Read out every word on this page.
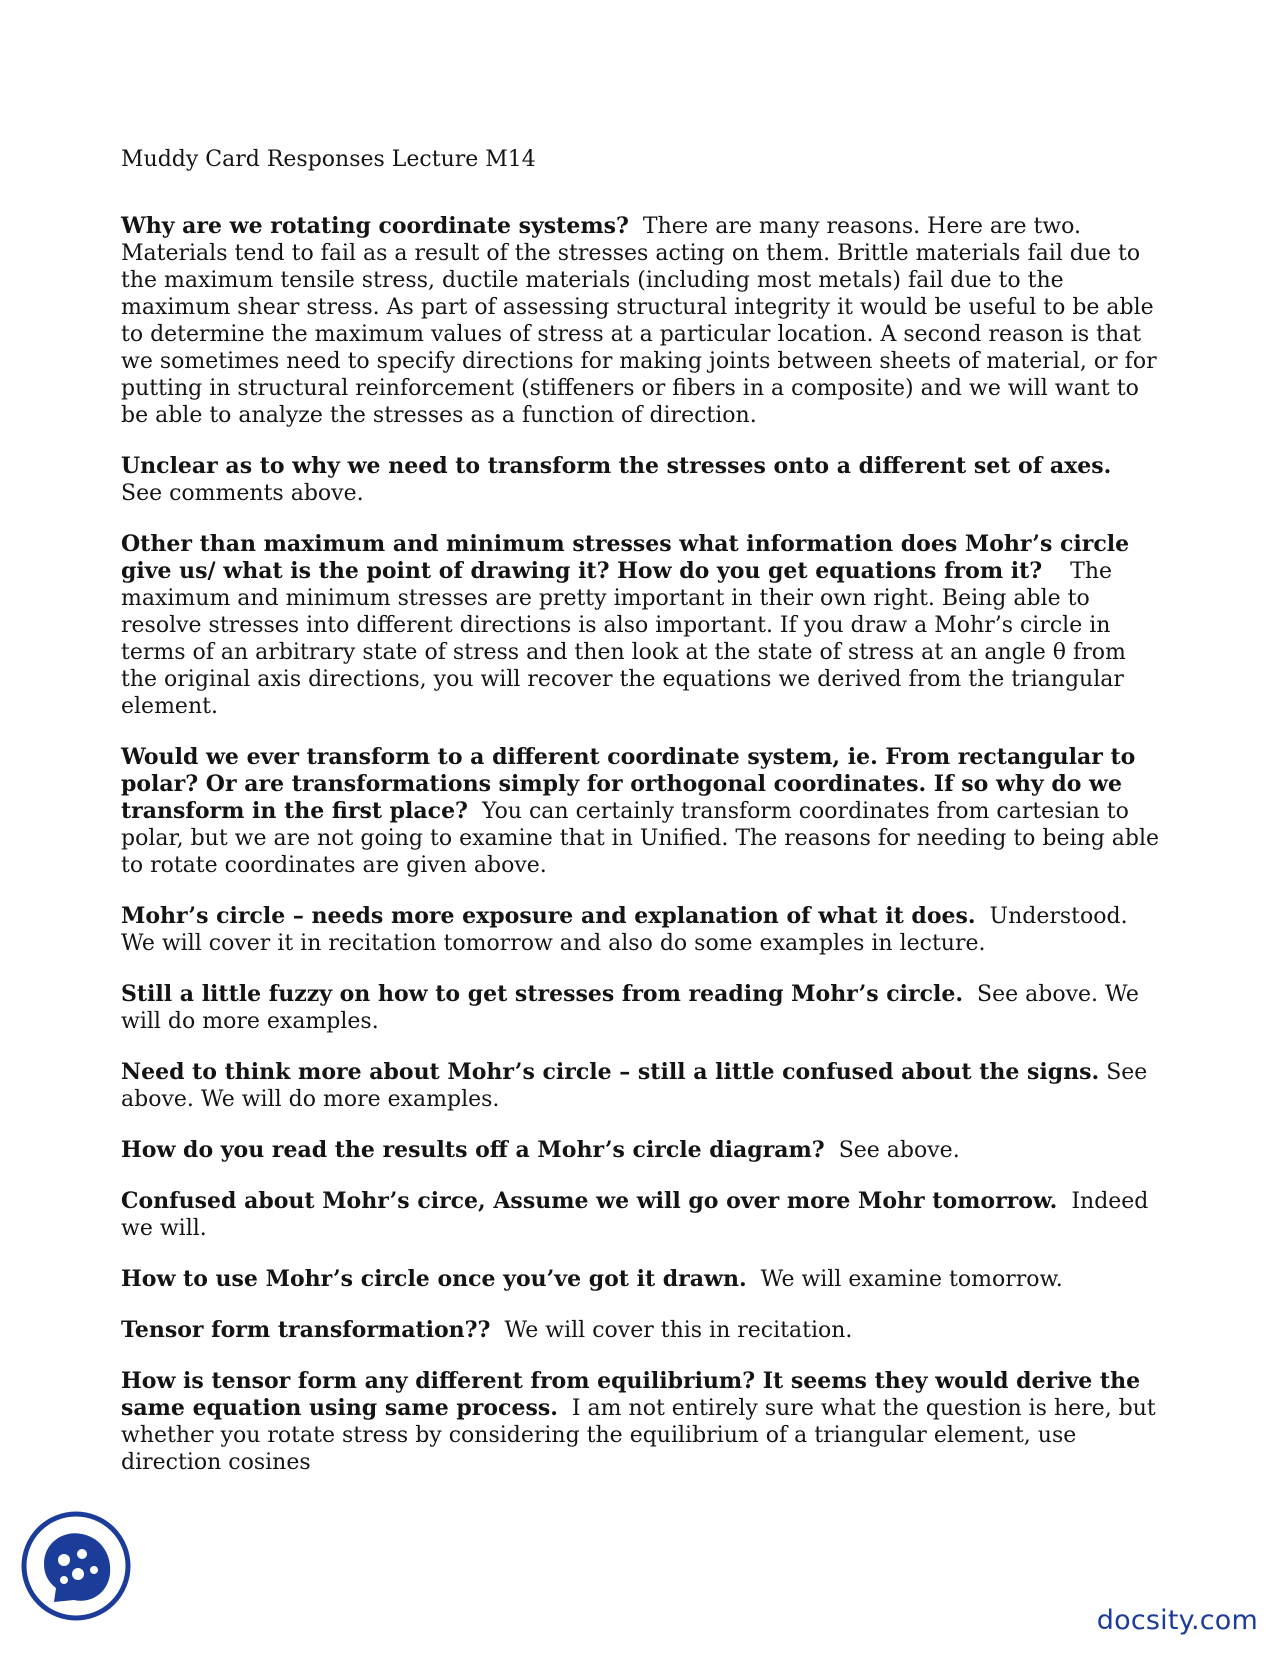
Muddy Card Responses Lecture M14

Why are we rotating coordinate systems? There are many reasons. Here are two. Materials tend to fail as a result of the stresses acting on them. Brittle materials fail due to the maximum tensile stress, ductile materials (including most metals) fail due to the maximum shear stress. As part of assessing structural integrity it would be useful to be able to determine the maximum values of stress at a particular location. A second reason is that we sometimes need to specify directions for making joints between sheets of material, or for putting in structural reinforcement (stiffeners or fibers in a composite) and we will want to be able to analyze the stresses as a function of direction.

Unclear as to why we need to transform the stresses onto a different set of axes.   See comments above.

Other than maximum and minimum stresses what information does Mohr’s circle give us/ what is the point of drawing it? How do you get equations from it? The maximum and minimum stresses are pretty important in their own right. Being able to resolve stresses into different directions is also important. If you draw a Mohr’s circle in terms of an arbitrary state of stress and then look at the state of stress at an angle θ from the original axis directions, you will recover the equations we derived from the triangular element.

Would we ever transform to a different coordinate system, ie. From rectangular to polar? Or are transformations simply for orthogonal coordinates. If so why do we transform in the first place? You can certainly transform coordinates from cartesian to polar, but we are not going to examine that in Unified. The reasons for needing to being able to rotate coordinates are given above.

Mohr’s circle – needs more exposure and explanation of what it does. Understood. We will cover it in recitation tomorrow and also do some examples in lecture.

Still a little fuzzy on how to get stresses from reading Mohr’s circle. See above. We will do more examples.

Need to think more about Mohr’s circle – still a little confused about the signs. See above. We will do more examples.

How do you read the results off a Mohr’s circle diagram? See above.

Confused about Mohr’s circe, Assume we will go over more Mohr tomorrow. Indeed we will.

How to use Mohr’s circle once you’ve got it drawn. We will examine tomorrow.

Tensor form transformation?? We will cover this in recitation.

How is tensor form any different from equilibrium? It seems they would derive the same equation using same process. I am not entirely sure what the question is here, but whether you rotate stress by considering the equilibrium of a triangular element, use direction cosines

docsity.com
